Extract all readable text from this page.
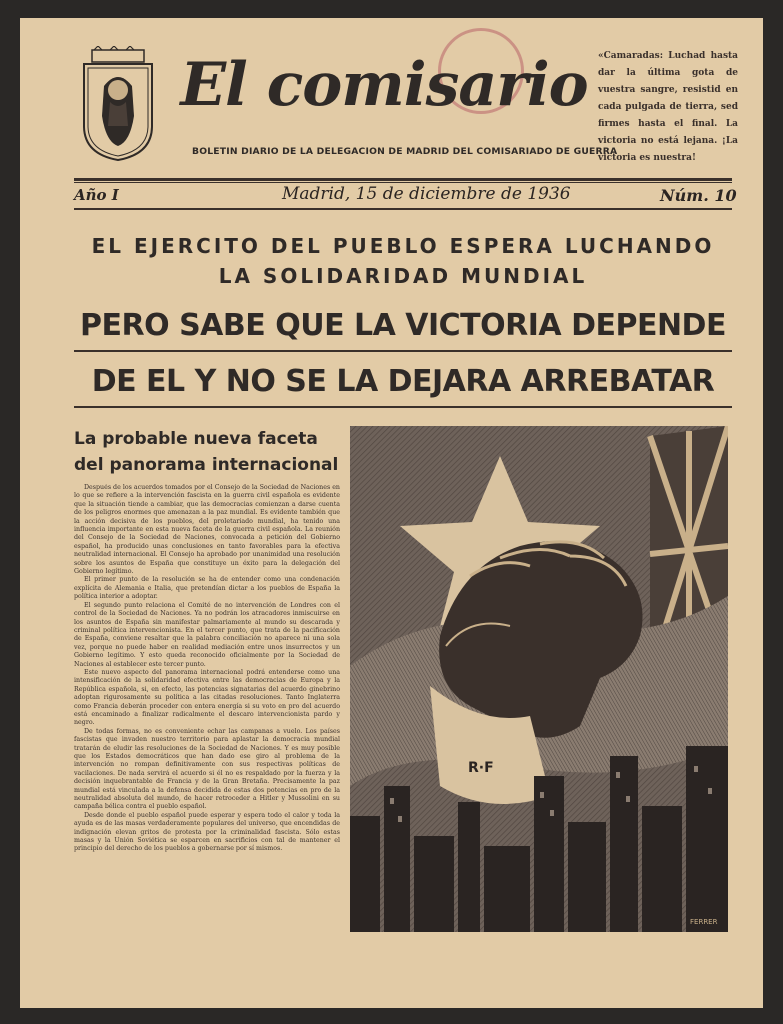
El comisario
BOLETIN DIARIO DE LA DELEGACION DE MADRID DEL COMISARIADO DE GUERRA
«Camaradas: Luchad hasta dar la última gota de vuestra sangre, resistid en cada pulgada de tierra, sed firmes hasta el final. La victoria no está lejana. ¡La victoria es nuestra!
Año I	Madrid, 15 de diciembre de 1936	Núm. 10
EL EJERCITO DEL PUEBLO ESPERA LUCHANDO
LA SOLIDARIDAD MUNDIAL
PERO SABE QUE LA VICTORIA DEPENDE
DE EL Y NO SE LA DEJARA ARREBATAR
La probable nueva faceta
del panorama internacional

Después de los acuerdos tomados por el Consejo de la Sociedad de Naciones en lo que se refiere a la intervención fascista en la guerra civil española es evidente que la situación tiende a cambiar, que las democracias comienzan a darse cuenta de los peligros enormes que amenazan a la paz mundial. Es evidente también que la acción decisiva de los pueblos, del proletariado mundial, ha tenido una influencia importante en esta nueva faceta de la guerra civil española. La reunión del Consejo de la Sociedad de Naciones, convocada a petición del Gobierno español, ha producido unas conclusiones en tanto favorables para la efectiva neutralidad internacional. El Consejo ha aprobado por unanimidad una resolución sobre los asuntos de España que constituye un éxito para la delegación del Gobierno legítimo.

El primer punto de la resolución se ha de entender como una condenación explícita de Alemania e Italia, que pretendían dictar a los pueblos de España la política interior a adoptar.

El segundo punto relaciona el Comité de no intervención de Londres con el control de la Sociedad de Naciones. Ya no podrán los atracadores inmiscuirse en los asuntos de España sin manifestar palmariamente al mundo su descarada y criminal política intervencionista. En el tercer punto, que trata de la pacificación de España, conviene resaltar que la palabra conciliación no aparece ni una sola vez, porque no puede haber en realidad mediación entre unos insurrectos y un Gobierno legítimo. Y esto queda reconocido oficialmente por la Sociedad de Naciones al establecer este tercer punto.

Este nuevo aspecto del panorama internacional podrá entenderse como una intensificación de la solidaridad efectiva entre las democracias de Europa y la República española, si, en efecto, las potencias signatarias del acuerdo ginebrino adoptan rigurosamente su política a las citadas resoluciones. Tanto Inglaterra como Francia deberán proceder con entera energía si su voto en pro del acuerdo está encaminado a finalizar radicalmente el descaro intervencionista pardo y negro.

De todas formas, no es conveniente echar las campanas a vuelo. Los países fascistas que invaden nuestro territorio para aplastar la democracia mundial tratarán de eludir las resoluciones de la Sociedad de Naciones. Y es muy posible que los Estados democráticos que han dado ese giro al problema de la intervención no rompan definitivamente con sus respectivas políticas de vacilaciones. De nada servirá el acuerdo si él no es respaldado por la fuerza y la decisión inquebrantable de Francia y de la Gran Bretaña. Precisamente la paz mundial está vinculada a la defensa decidida de estas dos potencias en pro de la neutralidad absoluta del mundo, de hacer retroceder a Hitler y Mussolini en su campaña bélica contra el pueblo español.

Desde donde el pueblo español puede esperar y espera todo el calor y toda la ayuda es de las masas verdaderamente populares del universo, que encendidas de indignación elevan gritos de protesta por la criminalidad fascista. Sólo estas masas y la Unión Soviética se esparcen en sacrificios con tal de mantener el principio del derecho de los pueblos a gobernarse por sí mismos.

R·F
FERRER
